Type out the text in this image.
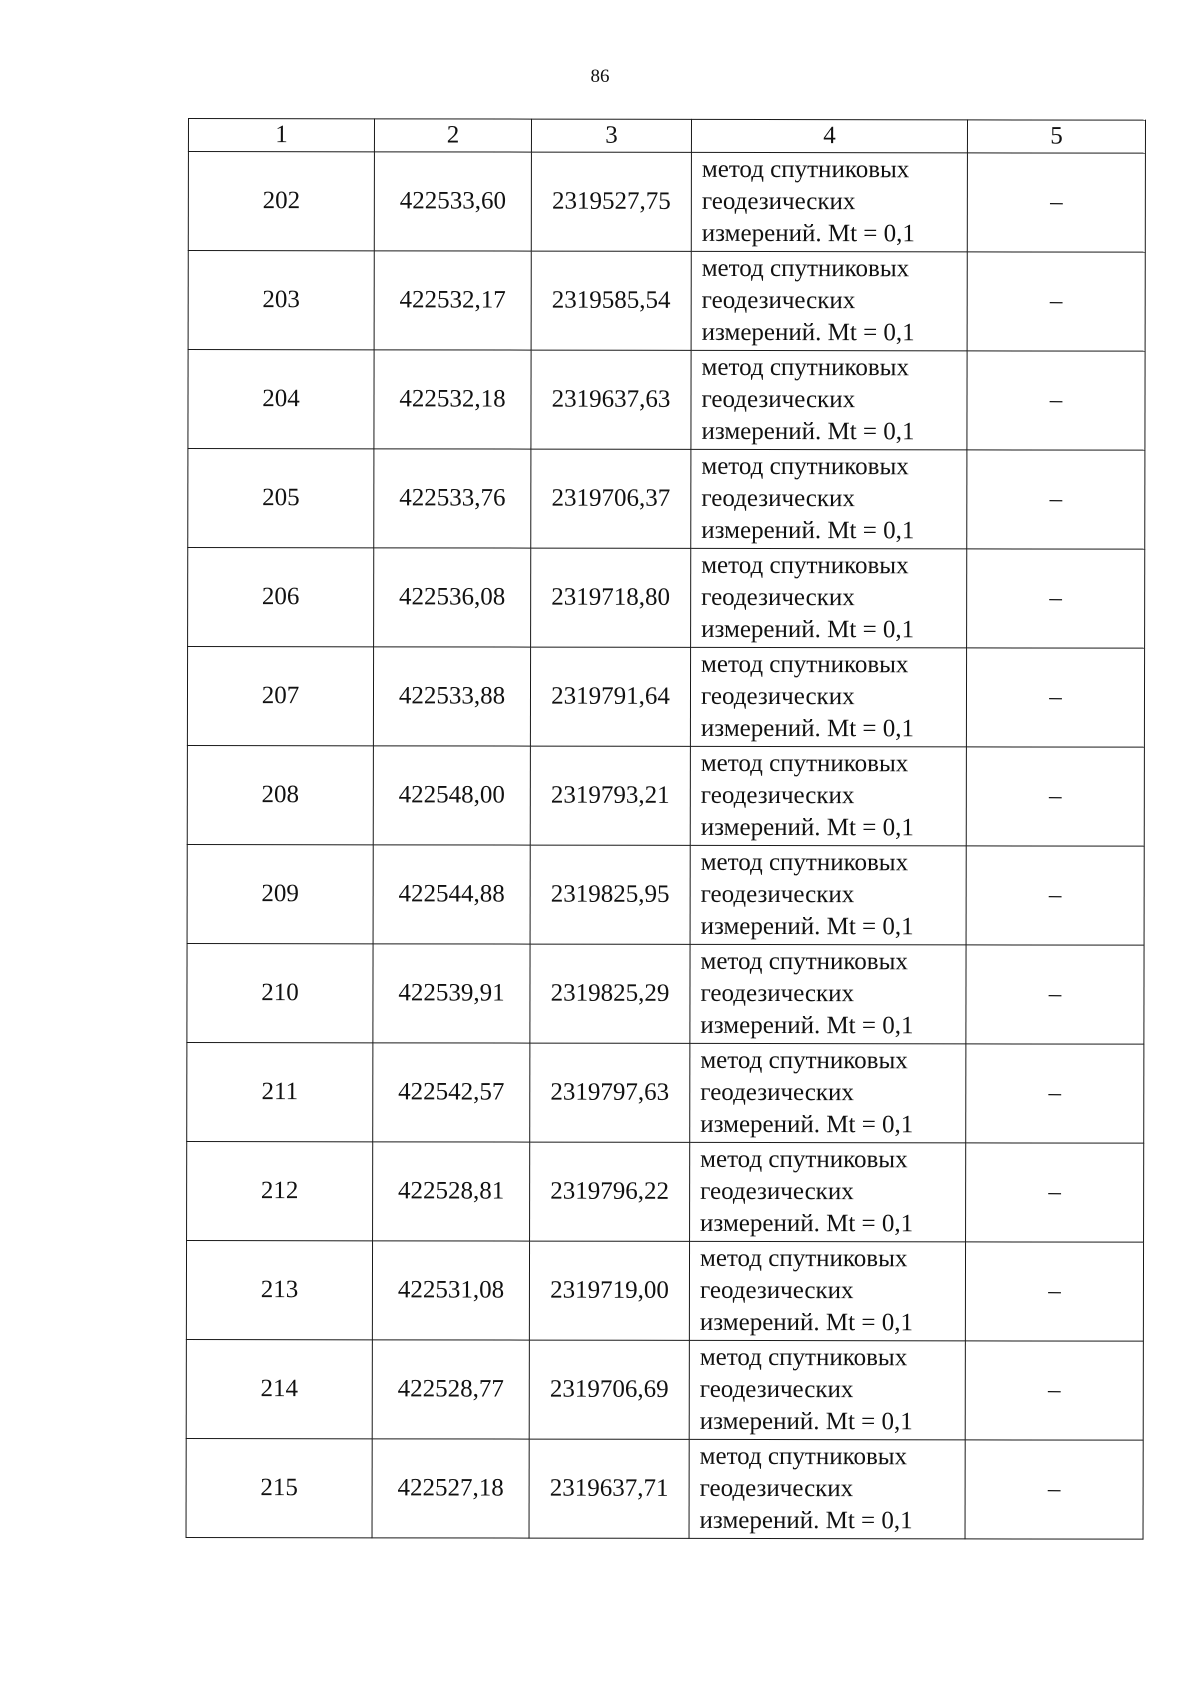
86
1	2	3	4	5
202	422533,60	2319527,75	метод спутниковых
геодезических
измерений. Mt = 0,1	–
203	422532,17	2319585,54	метод спутниковых
геодезических
измерений. Mt = 0,1	–
204	422532,18	2319637,63	метод спутниковых
геодезических
измерений. Mt = 0,1	–
205	422533,76	2319706,37	метод спутниковых
геодезических
измерений. Mt = 0,1	–
206	422536,08	2319718,80	метод спутниковых
геодезических
измерений. Mt = 0,1	–
207	422533,88	2319791,64	метод спутниковых
геодезических
измерений. Mt = 0,1	–
208	422548,00	2319793,21	метод спутниковых
геодезических
измерений. Mt = 0,1	–
209	422544,88	2319825,95	метод спутниковых
геодезических
измерений. Mt = 0,1	–
210	422539,91	2319825,29	метод спутниковых
геодезических
измерений. Mt = 0,1	–
211	422542,57	2319797,63	метод спутниковых
геодезических
измерений. Mt = 0,1	–
212	422528,81	2319796,22	метод спутниковых
геодезических
измерений. Mt = 0,1	–
213	422531,08	2319719,00	метод спутниковых
геодезических
измерений. Mt = 0,1	–
214	422528,77	2319706,69	метод спутниковых
геодезических
измерений. Mt = 0,1	–
215	422527,18	2319637,71	метод спутниковых
геодезических
измерений. Mt = 0,1	–
